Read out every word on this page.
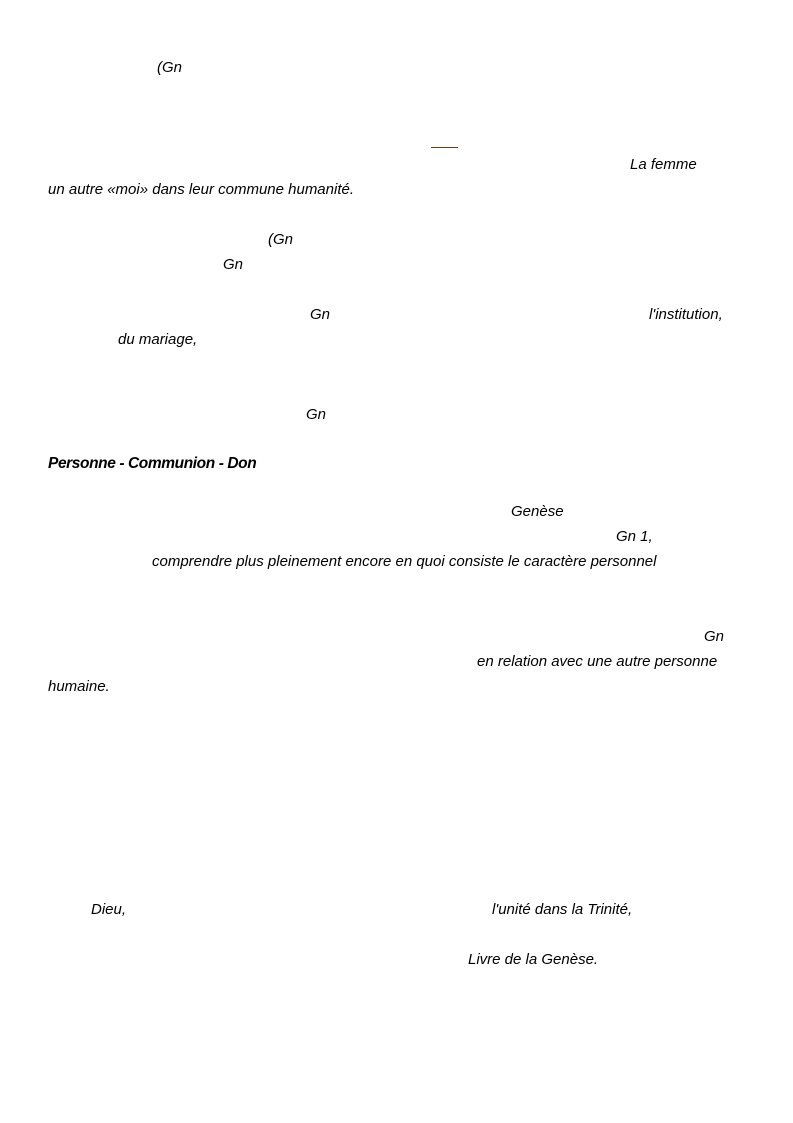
(Gn
La femme
un autre «moi» dans leur commune humanité.
(Gn
Gn
Gn	l'institution,
du mariage,
Gn
Personne - Communion - Don
Genèse
Gn 1,
comprendre plus pleinement encore en quoi consiste le caractère personnel
Gn
en relation avec une autre personne
humaine.
Dieu,	l'unité dans la Trinité,
Livre de la Genèse.
